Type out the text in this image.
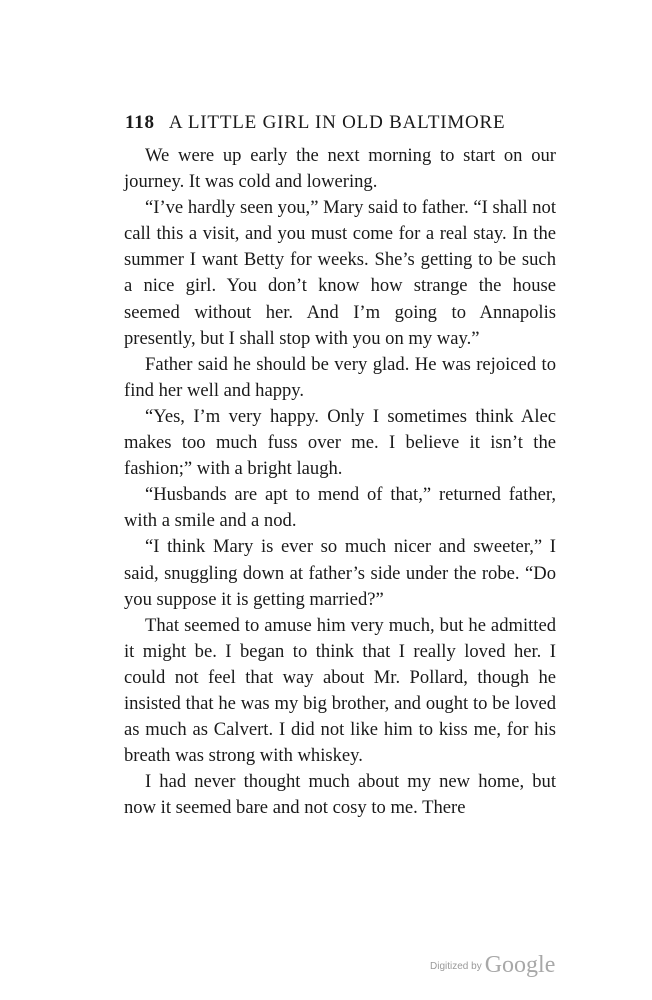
118 A LITTLE GIRL IN OLD BALTIMORE

We were up early the next morning to start on our journey. It was cold and lowering.

“I’ve hardly seen you,” Mary said to father. “I shall not call this a visit, and you must come for a real stay. In the summer I want Betty for weeks. She’s getting to be such a nice girl. You don’t know how strange the house seemed without her. And I’m going to Annapolis presently, but I shall stop with you on my way.”

Father said he should be very glad. He was rejoiced to find her well and happy.

“Yes, I’m very happy. Only I sometimes think Alec makes too much fuss over me. I believe it isn’t the fashion;” with a bright laugh.

“Husbands are apt to mend of that,” returned father, with a smile and a nod.

“I think Mary is ever so much nicer and sweeter,” I said, snuggling down at father’s side under the robe. “Do you suppose it is getting married?”

That seemed to amuse him very much, but he admitted it might be. I began to think that I really loved her. I could not feel that way about Mr. Pollard, though he insisted that he was my big brother, and ought to be loved as much as Calvert. I did not like him to kiss me, for his breath was strong with whiskey.

I had never thought much about my new home, but now it seemed bare and not cosy to me. There

Digitized by Google
